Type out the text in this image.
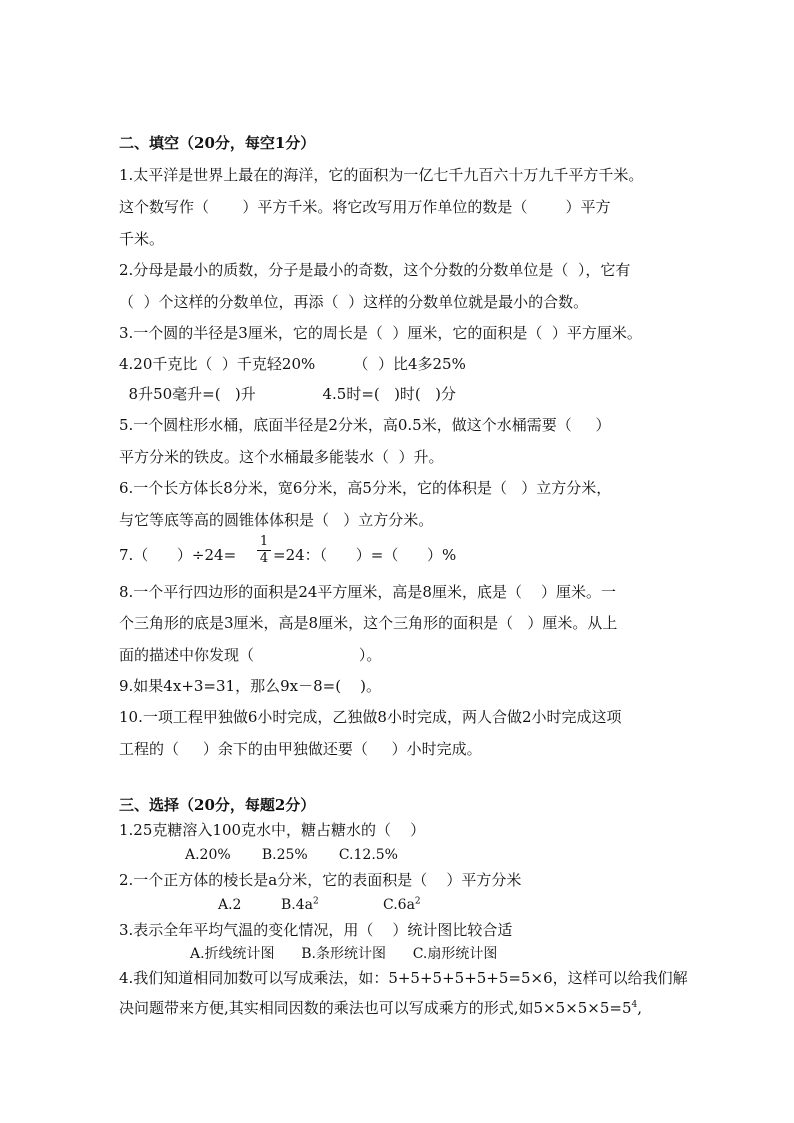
二、填空（20分，每空1分）
1.太平洋是世界上最在的海洋，它的面积为一亿七千九百六十万九千平方千米。
这个数写作（       ）平方千米。将它改写用万作单位的数是（        ）平方
千米。
2.分母是最小的质数，分子是最小的奇数，这个分数的分数单位是（  ），它有
（  ）个这样的分数单位，再添（  ）这样的分数单位就是最小的合数。
3.一个圆的半径是3厘米，它的周长是（  ）厘米，它的面积是（  ）平方厘米。
4.20千克比（  ）千克轻20%        （  ）比4多25%
8升50毫升=(   )升              4.5时=(   )时(   )分
5.一个圆柱形水桶，底面半径是2分米，高0.5米，做这个水桶需要（     ）
平方分米的铁皮。这个水桶最多能装水（  ）升。
6.一个长方体长8分米，宽6分米，高5分米，它的体积是（   ）立方分米，
与它等底等高的圆锥体体积是（   ）立方分米。
7.（      ）÷24=
1
4 =24：（      ）=（      ）%
8.一个平行四边形的面积是24平方厘米，高是8厘米，底是（    ）厘米。一
个三角形的底是3厘米，高是8厘米，这个三角形的面积是（   ）厘米。从上
面的描述中你发现（                      ）。
9.如果4x+3=31，那么9x－8=(    )。
10.一项工程甲独做6小时完成，乙独做8小时完成，两人合做2小时完成这项
工程的（     ）余下的由甲独做还要（     ）小时完成。
三、选择（20分，每题2分）
1.25克糖溶入100克水中，糖占糖水的（    ）
A.20%       B.25%       C.12.5%
2.一个正方体的棱长是a分米，它的表面积是（    ）平方分米
A.2	$B.4a^2$	$C.6a^2$
3.表示全年平均气温的变化情况，用（    ）统计图比较合适
A.折线统计图      B.条形统计图      C.扇形统计图
4.我们知道相同加数可以写成乘法，如：5+5+5+5+5+5=5×6，这样可以给我们解
决问题带来方便,其实相同因数的乘法也可以写成乘方的形式,如$5\times 5\times 5\times 5=5^4$,
